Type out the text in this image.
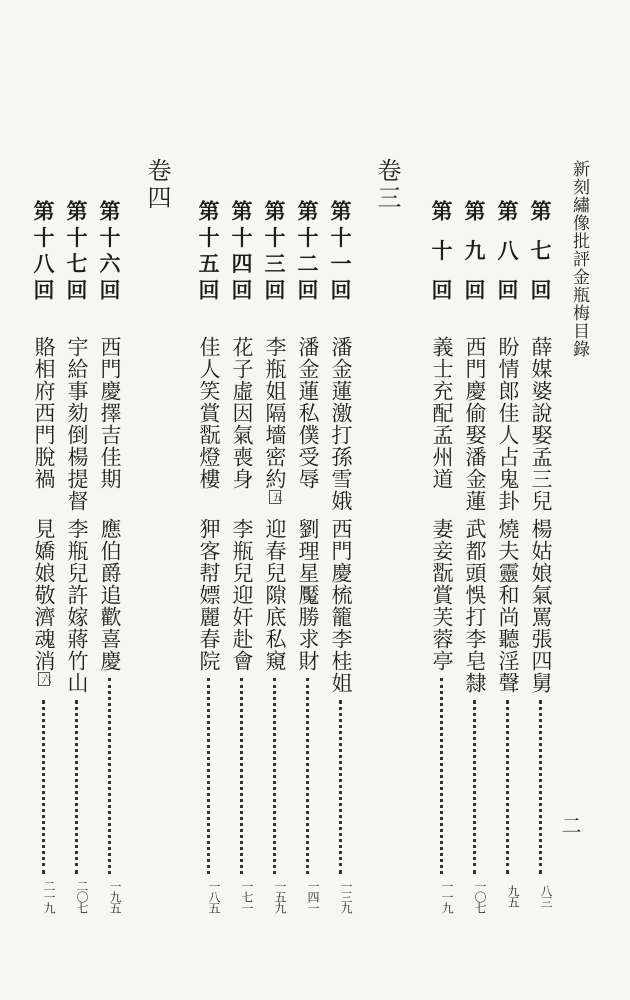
新刻繡像批評金瓶梅目錄
二
卷三
卷四
第七回
薛媒婆說娶孟三兒
楊姑娘氣罵張四舅
八三
第八回
盼情郎佳人占鬼卦
燒夫靈和尚聽淫聲
九五
第九回
西門慶偷娶潘金蓮
武都頭悞打李皂隸
一〇七
第十回
義士充配孟州道
妻妾翫賞芙蓉亭
一一九
第十一回
潘金蓮激打孫雪娥
西門慶梳籠李桂姐
一三九
第十二回
潘金蓮私僕受辱
劉理星魘勝求財
一四一
第十三回
李瓶姐隔墻密約五
迎春兒隙底私窺
一五九
第十四回
花子虛因氣喪身
李瓶兒迎奸赴會
一七一
第十五回
佳人笑賞翫燈樓
狎客幇嫖麗春院
一八五
第十六回
西門慶擇吉佳期
應伯爵追歡喜慶
一九五
第十七回
宇給事劾倒楊提督
李瓶兒許嫁蔣竹山
二〇七
第十八回
賂相府西門脫禍
見嬌娘敬濟魂消六
二一九
